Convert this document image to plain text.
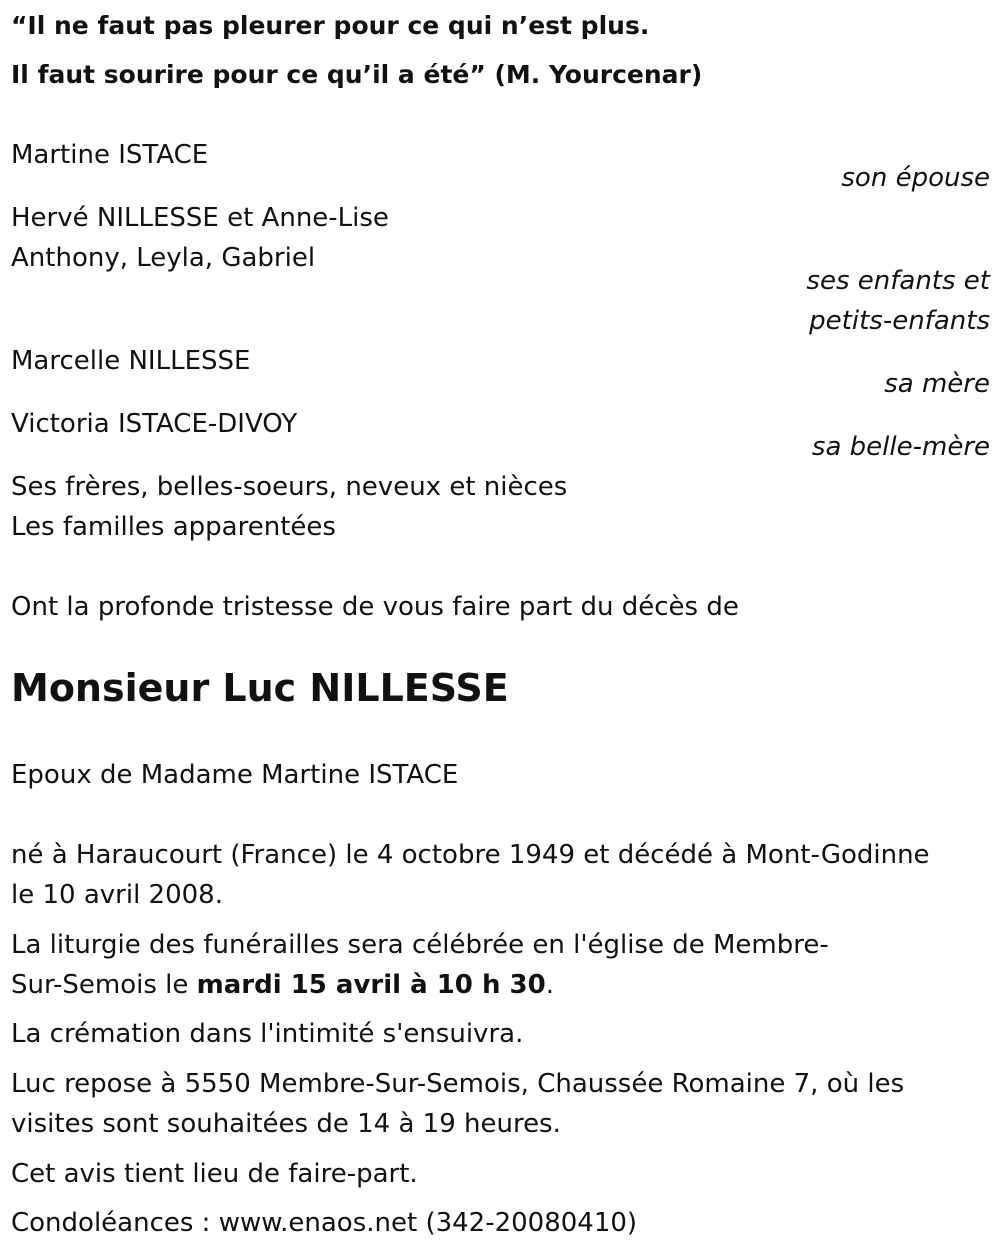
“Il ne faut pas pleurer pour ce qui n’est plus.
Il faut sourire pour ce qu’il a été” (M. Yourcenar)
Martine ISTACE
son épouse
Hervé NILLESSE et Anne-Lise
Anthony, Leyla, Gabriel
ses enfants et
petits-enfants
Marcelle NILLESSE
sa mère
Victoria ISTACE-DIVOY
sa belle-mère
Ses frères, belles-soeurs, neveux et nièces
Les familles apparentées
Ont la profonde tristesse de vous faire part du décès de
Monsieur Luc NILLESSE
Epoux de Madame Martine ISTACE
né à Haraucourt (France) le 4 octobre 1949 et décédé à Mont-Godinne
le 10 avril 2008.
La liturgie des funérailles sera célébrée en l'église de Membre-
Sur-Semois le mardi 15 avril à 10 h 30.
La crémation dans l'intimité s'ensuivra.
Luc repose à 5550 Membre-Sur-Semois, Chaussée Romaine 7, où les
visites sont souhaitées de 14 à 19 heures.
Cet avis tient lieu de faire-part.
Condoléances : www.enaos.net (342-20080410)
